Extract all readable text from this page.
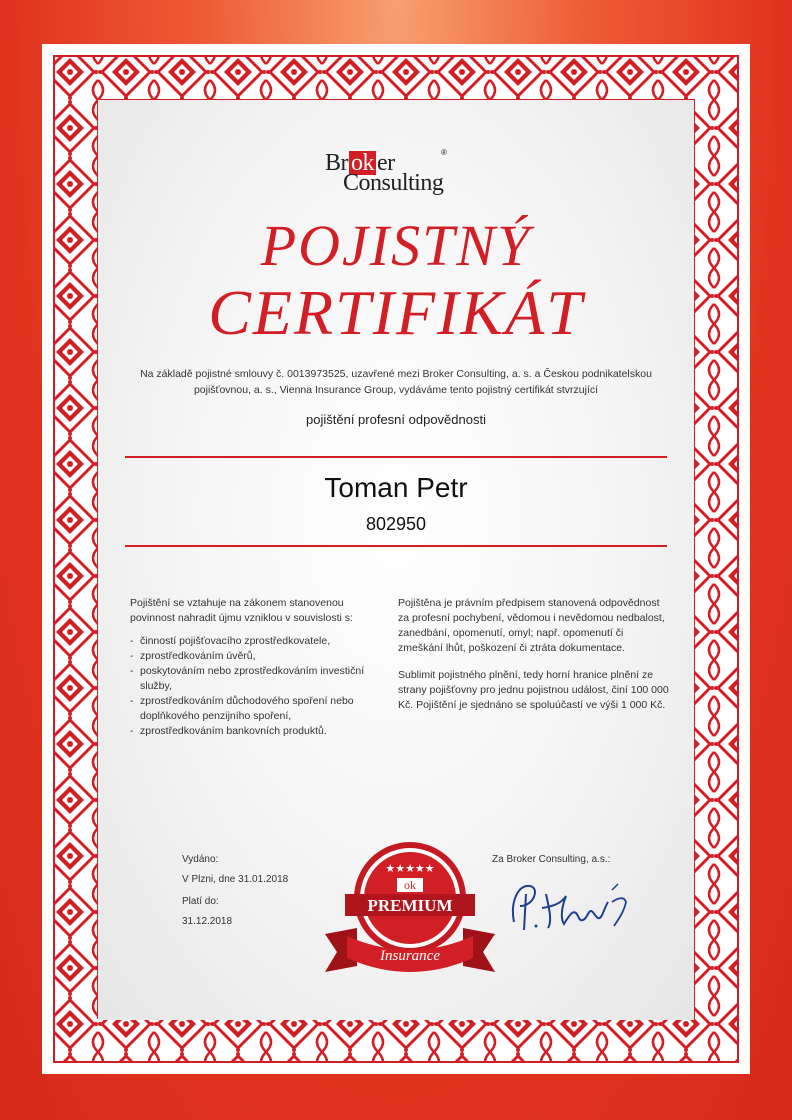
Br ok er	®
Consulting
POJISTNÝ
CERTIFIKÁT
Na základě pojistné smlouvy č. 0013973525, uzavřené mezi Broker Consulting, a. s. a Českou podnikatelskou pojišťovnou, a. s., Vienna Insurance Group, vydáváme tento pojistný certifikát stvrzující
pojištění profesní odpovědnosti
Toman Petr
802950
Pojištění se vztahuje na zákonem stanovenou povinnost nahradit újmu vzniklou v souvislosti s:
- činností pojišťovacího zprostředkovatele,
- zprostředkováním úvěrů,
- poskytováním nebo zprostředkováním investiční služby,
- zprostředkováním důchodového spoření nebo doplňkového penzijního spoření,
- zprostředkováním bankovních produktů.

Pojištěna je právním předpisem stanovená odpovědnost za profesní pochybení, vědomou i nevědomou nedbalost, zanedbání, opomenutí, omyl; např. opomenutí či zmeškání lhůt, poškození či ztráta dokumentace.

Sublimit pojistného plnění, tedy horní hranice plnění ze strany pojišťovny pro jednu pojistnou událost, činí 100 000 Kč. Pojištění je sjednáno se spoluúčastí ve výši 1 000 Kč.

Vydáno:
V Plzni, dne 31.01.2018
Platí do:
31.12.2018
Za Broker Consulting, a.s.:
★★★★★
ok
PREMIUM
Insurance
